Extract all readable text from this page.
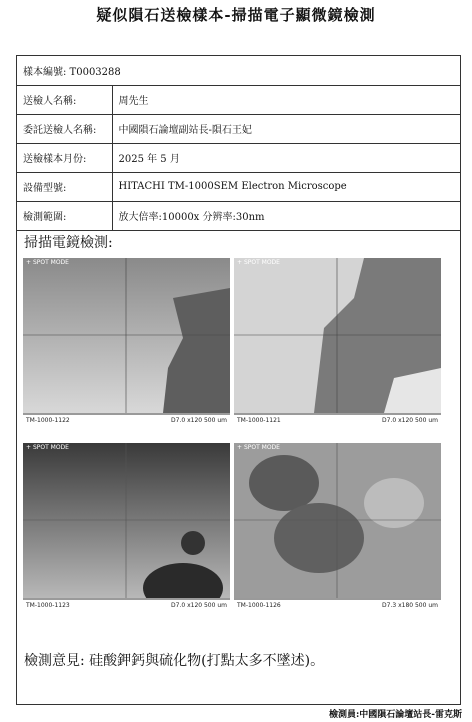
疑似隕石送檢樣本-掃描電子顯微鏡檢測
樣本編號: T0003288	
送檢人名稱:	周先生
委託送檢人名稱:	中國隕石論壇副站長-隕石王妃
送檢樣本月份:	2025 年 5 月
設備型號:	HITACHI TM-1000SEM Electron Microscope
檢測範圍:	放大倍率:10000x 分辨率:30nm
掃描電鏡檢測:
+ SPOT MODE
TM-1000-1122	D7.0 x120 500 um
+ SPOT MODE
TM-1000-1121	D7.0 x120 500 um
+ SPOT MODE
TM-1000-1123	D7.0 x120 500 um
+ SPOT MODE
TM-1000-1126	D7.3 x180 500 um
檢測意見: 硅酸鉀鈣與硫化物(打點太多不墜述)。
檢測員:中國隕石論壇站長-雷克斯
